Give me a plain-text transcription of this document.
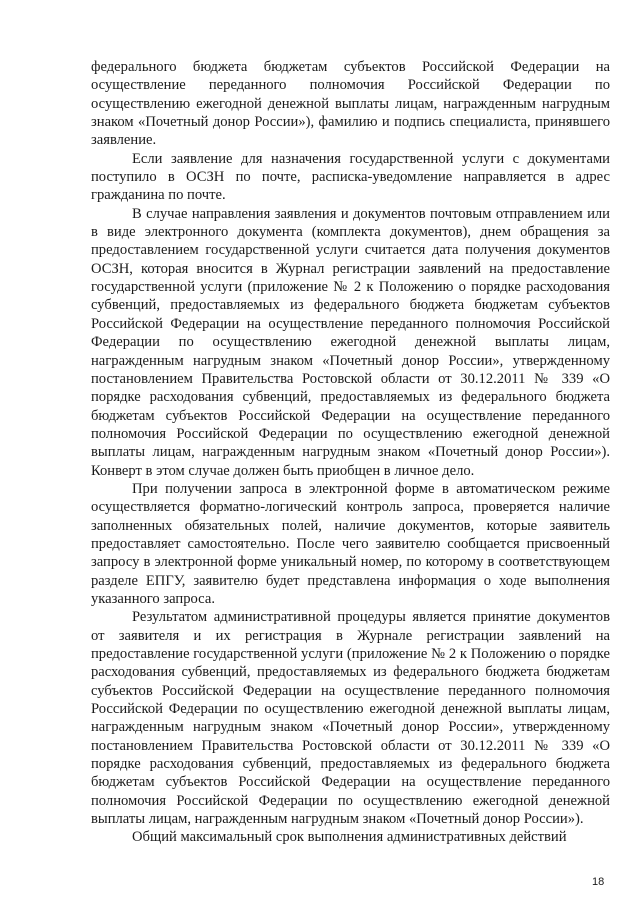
федерального бюджета бюджетам субъектов Российской Федерации на осуществление переданного полномочия Российской Федерации по осуществлению ежегодной денежной выплаты лицам, награжденным нагрудным знаком «Почетный донор России»), фамилию и подпись специалиста, принявшего заявление.

Если заявление для назначения государственной услуги с документами поступило в ОСЗН по почте, расписка-уведомление направляется в адрес гражданина по почте.

В случае направления заявления и документов почтовым отправлением или в виде электронного документа (комплекта документов), днем обращения за предоставлением государственной услуги считается дата получения документов ОСЗН, которая вносится в Журнал регистрации заявлений на предоставление государственной услуги (приложение № 2 к Положению о порядке расходования субвенций, предоставляемых из федерального бюджета бюджетам субъектов Российской Федерации на осуществление переданного полномочия Российской Федерации по осуществлению ежегодной денежной выплаты лицам, награжденным нагрудным знаком «Почетный донор России», утвержденному постановлением Правительства Ростовской области от 30.12.2011 № 339 «О порядке расходования субвенций, предоставляемых из федерального бюджета бюджетам субъектов Российской Федерации на осуществление переданного полномочия Российской Федерации по осуществлению ежегодной денежной выплаты лицам, награжденным нагрудным знаком «Почетный донор России»). Конверт в этом случае должен быть приобщен в личное дело.

При получении запроса в электронной форме в автоматическом режиме осуществляется форматно-логический контроль запроса, проверяется наличие заполненных обязательных полей, наличие документов, которые заявитель предоставляет самостоятельно. После чего заявителю сообщается присвоенный запросу в электронной форме уникальный номер, по которому в соответствующем разделе ЕПГУ, заявителю будет представлена информация о ходе выполнения указанного запроса.

Результатом административной процедуры является принятие документов от заявителя и их регистрация в Журнале регистрации заявлений на предоставление государственной услуги (приложение № 2 к Положению о порядке расходования субвенций, предоставляемых из федерального бюджета бюджетам субъектов Российской Федерации на осуществление переданного полномочия Российской Федерации по осуществлению ежегодной денежной выплаты лицам, награжденным нагрудным знаком «Почетный донор России», утвержденному постановлением Правительства Ростовской области от 30.12.2011 № 339 «О порядке расходования субвенций, предоставляемых из федерального бюджета бюджетам субъектов Российской Федерации на осуществление переданного полномочия Российской Федерации по осуществлению ежегодной денежной выплаты лицам, награжденным нагрудным знаком «Почетный донор России»).

Общий максимальный срок выполнения административных действий

18
